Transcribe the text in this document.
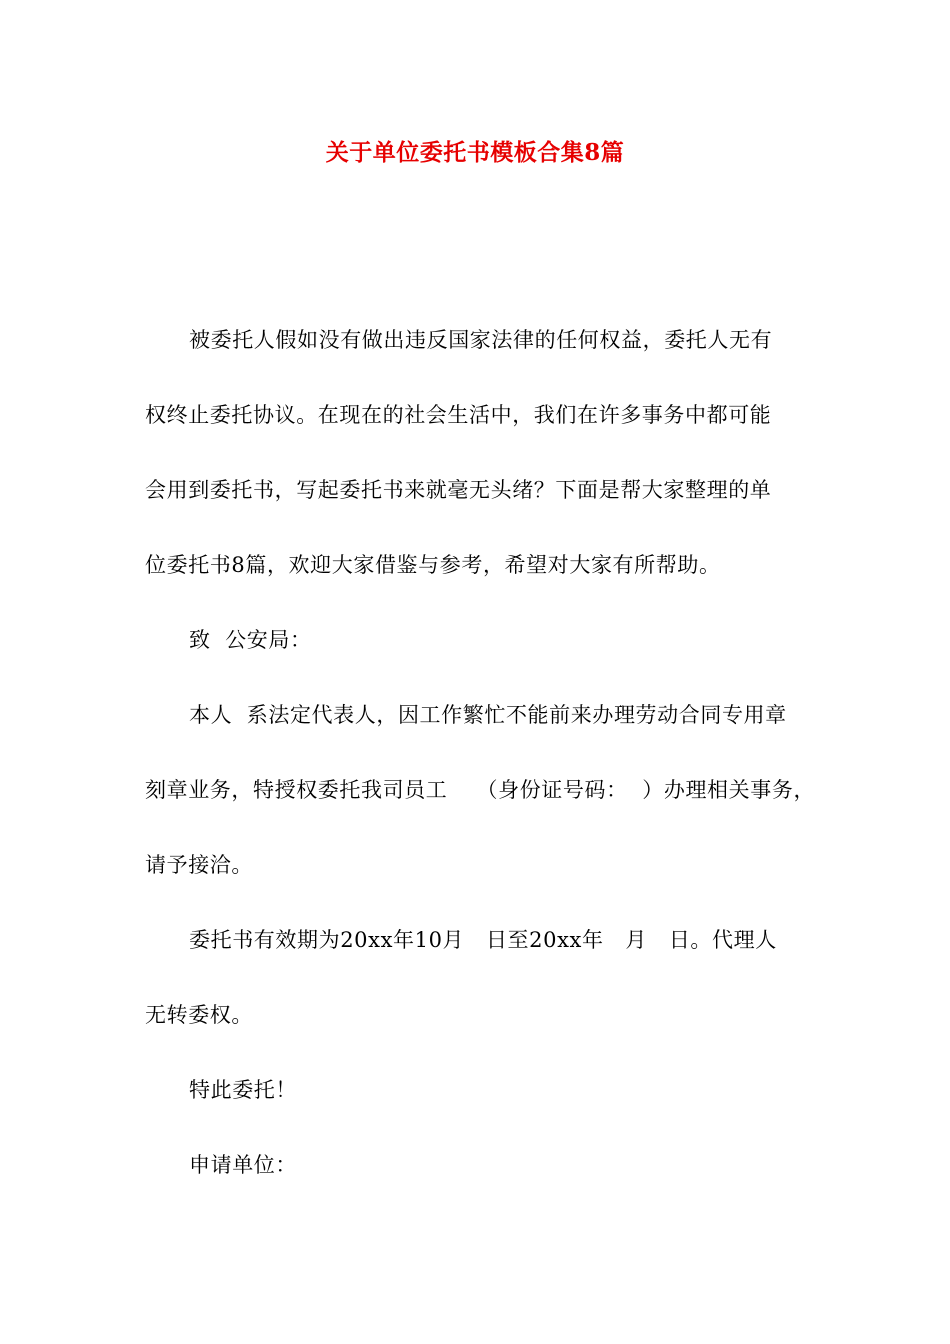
关于单位委托书模板合集8篇
被委托人假如没有做出违反国家法律的任何权益，委托人无有
权终止委托协议。在现在的社会生活中，我们在许多事务中都可能
会用到委托书，写起委托书来就毫无头绪？下面是帮大家整理的单
位委托书8篇，欢迎大家借鉴与参考，希望对大家有所帮助。
致  公安局：
本人  系法定代表人，因工作繁忙不能前来办理劳动合同专用章
刻章业务，特授权委托我司员工    （身份证号码：  ）办理相关事务，
请予接洽。
委托书有效期为20xx年10月   日至20xx年   月   日。代理人
无转委权。
特此委托！
申请单位：
